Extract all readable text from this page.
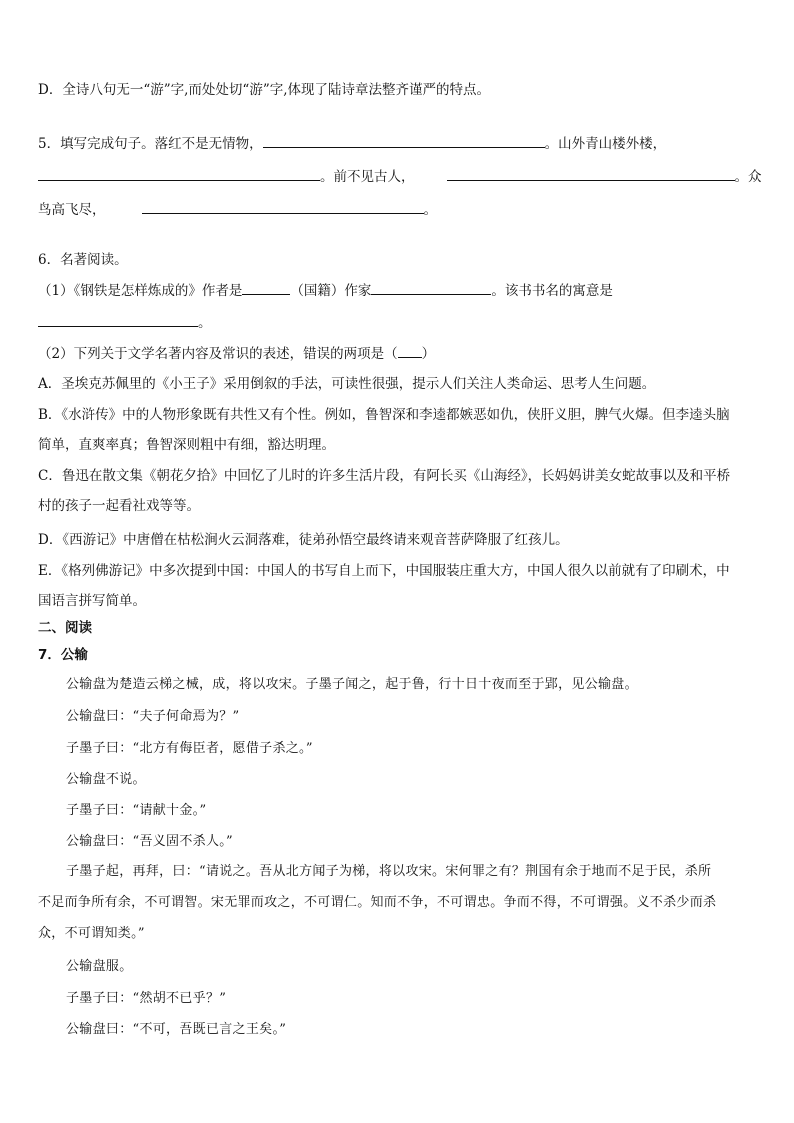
D．全诗八句无一“游”字,而处处切“游”字,体现了陆诗章法整齐谨严的特点。
5．填写完成句子。落红不是无情物，	。山外青山楼外楼，
。前不见古人，	。众
鸟高飞尽，	。
6．名著阅读。
（1）《钢铁是怎样炼成的》作者是	（国籍）作家	。该书书名的寓意是
。
（2）下列关于文学名著内容及常识的表述，错误的两项是（ ）
A．圣埃克苏佩里的《小王子》采用倒叙的手法，可读性很强，提示人们关注人类命运、思考人生问题。
B．《水浒传》中的人物形象既有共性又有个性。例如，鲁智深和李逵都嫉恶如仇，侠肝义胆，脾气火爆。但李逵头脑
简单，直爽率真；鲁智深则粗中有细，豁达明理。
C．鲁迅在散文集《朝花夕拾》中回忆了儿时的许多生活片段，有阿长买《山海经》，长妈妈讲美女蛇故事以及和平桥
村的孩子一起看社戏等等。
D．《西游记》中唐僧在枯松涧火云洞落难，徒弟孙悟空最终请来观音菩萨降服了红孩儿。
E．《格列佛游记》中多次提到中国：中国人的书写自上而下，中国服装庄重大方，中国人很久以前就有了印刷术，中
国语言拼写简单。
二、阅读
7．公输
公输盘为楚造云梯之械，成，将以攻宋。子墨子闻之，起于鲁，行十日十夜而至于郢，见公输盘。
公输盘曰：“夫子何命焉为？”
子墨子曰：“北方有侮臣者，愿借子杀之。”
公输盘不说。
子墨子曰：“请献十金。”
公输盘曰：“吾义固不杀人。”
子墨子起，再拜，曰：“请说之。吾从北方闻子为梯，将以攻宋。宋何罪之有？荆国有余于地而不足于民，杀所
不足而争所有余，不可谓智。宋无罪而攻之，不可谓仁。知而不争，不可谓忠。争而不得，不可谓强。义不杀少而杀
众，不可谓知类。”
公输盘服。
子墨子曰：“然胡不已乎？”
公输盘曰：“不可，吾既已言之王矣。”
